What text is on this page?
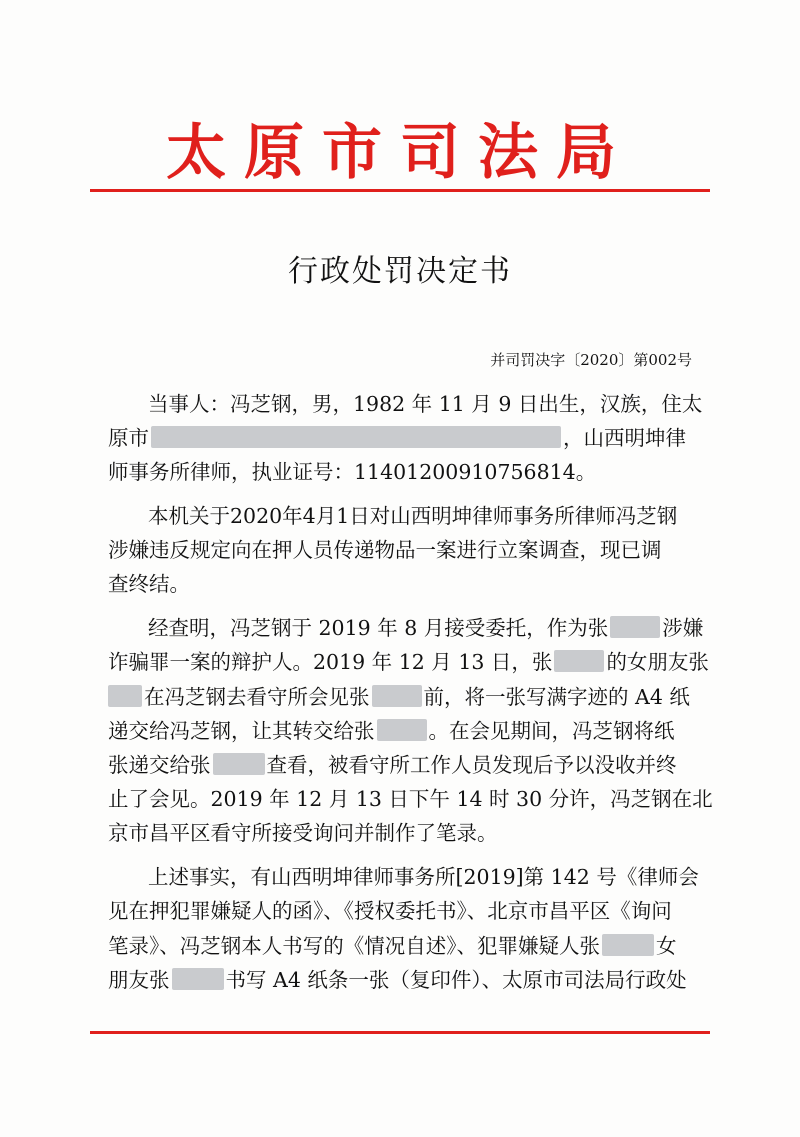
太原市司法局
行政处罚决定书
并司罚决字〔2020〕第002号
当事人：冯芝钢，男，1982 年 11 月 9 日出生，汉族，住太
原市	，山西明坤律
师事务所律师，执业证号：11401200910756814。
本机关于2020年4月1日对山西明坤律师事务所律师冯芝钢
涉嫌违反规定向在押人员传递物品一案进行立案调查，现已调
查终结。
经查明，冯芝钢于 2019 年 8 月接受委托，作为张	涉嫌
诈骗罪一案的辩护人。2019 年 12 月 13 日，张	的女朋友张
在冯芝钢去看守所会见张	前，将一张写满字迹的 A4 纸
递交给冯芝钢，让其转交给张	。在会见期间，冯芝钢将纸
张递交给张	查看，被看守所工作人员发现后予以没收并终
止了会见。2019 年 12 月 13 日下午 14 时 30 分许，冯芝钢在北
京市昌平区看守所接受询问并制作了笔录。
上述事实，有山西明坤律师事务所[2019]第 142 号《律师会
见在押犯罪嫌疑人的函》、《授权委托书》、北京市昌平区《询问
笔录》、冯芝钢本人书写的《情况自述》、犯罪嫌疑人张	女
朋友张	书写 A4 纸条一张（复印件）、太原市司法局行政处
